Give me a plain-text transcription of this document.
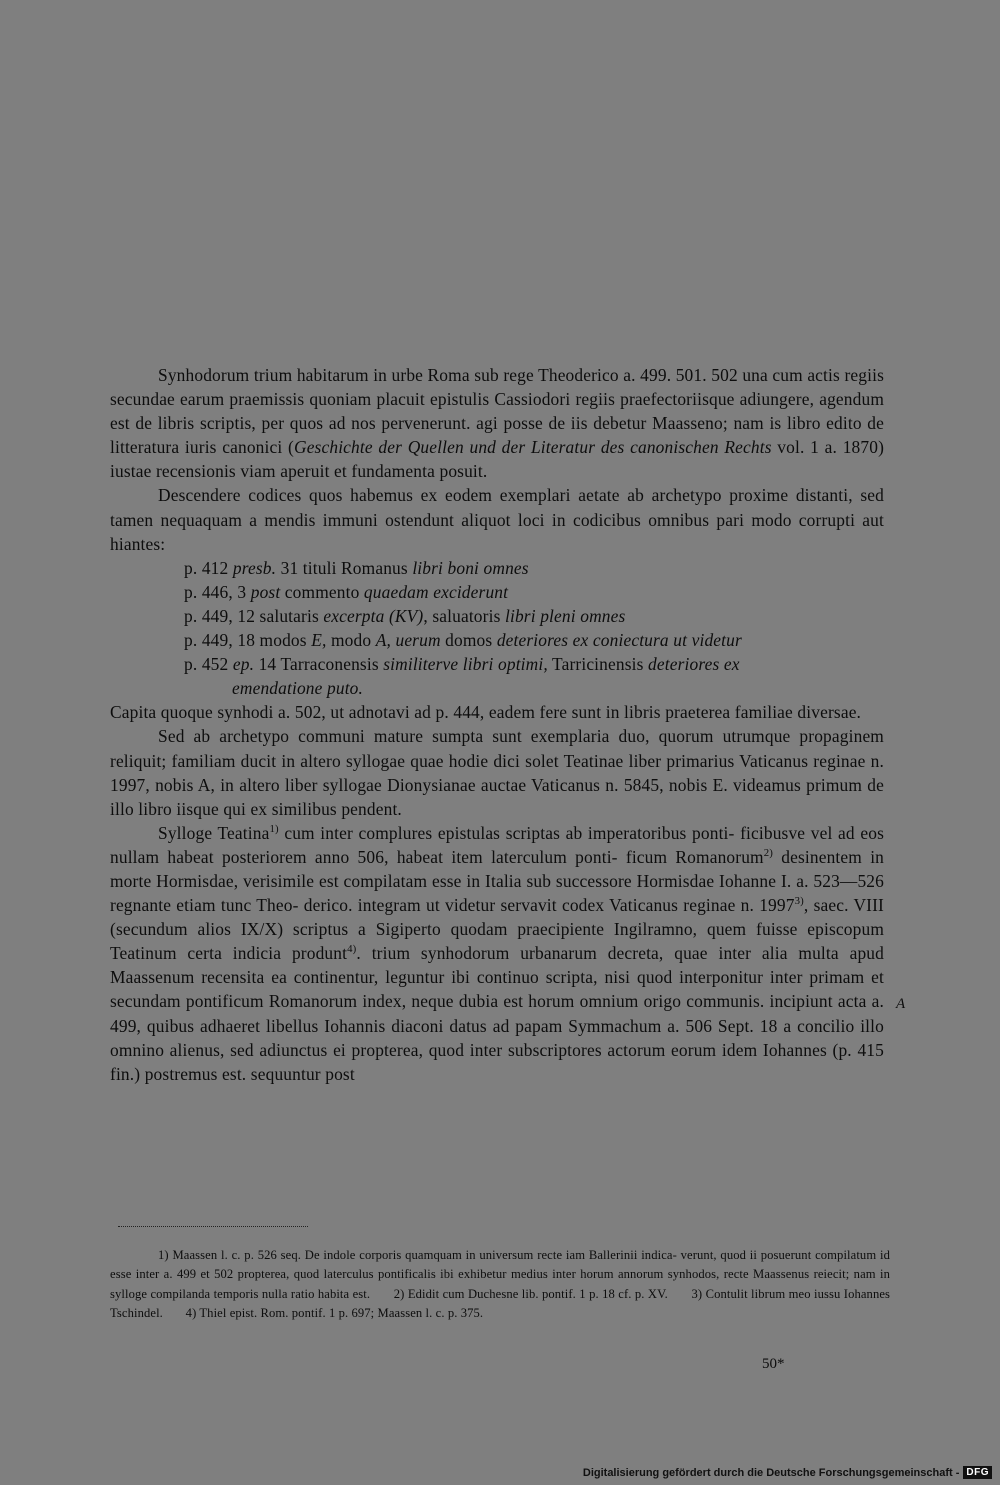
Synhodorum trium habitarum in urbe Roma sub rege Theoderico a. 499. 501. 502 una cum actis regiis secundae earum praemissis quoniam placuit epistulis Cassiodori regiis praefectoriisque adiungere, agendum est de libris scriptis, per quos ad nos pervenerunt. agi posse de iis debetur Maasseno; nam is libro edito de litteratura iuris canonici (Geschichte der Quellen und der Literatur des canonischen Rechts vol. 1 a. 1870) iustae recensionis viam aperuit et fundamenta posuit.

Descendere codices quos habemus ex eodem exemplari aetate ab archetypo proxime distanti, sed tamen nequaquam a mendis immuni ostendunt aliquot loci in codicibus omnibus pari modo corrupti aut hiantes:

p. 412 presb. 31 tituli Romanus libri boni omnes
p. 446, 3 post commento quaedam exciderunt
p. 449, 12 salutaris excerpta (KV), saluatoris libri pleni omnes
p. 449, 18 modos E, modo A, uerum domos deteriores ex coniectura ut videtur
p. 452 ep. 14 Tarraconensis similiterve libri optimi, Tarricinensis deteriores ex
emendatione puto.

Capita quoque synhodi a. 502, ut adnotavi ad p. 444, eadem fere sunt in libris praeterea familiae diversae.

Sed ab archetypo communi mature sumpta sunt exemplaria duo, quorum utrumque propaginem reliquit; familiam ducit in altero syllogae quae hodie dici solet Teatinae liber primarius Vaticanus reginae n. 1997, nobis A, in altero liber syllogae Dionysianae auctae Vaticanus n. 5845, nobis E. videamus primum de illo libro iisque qui ex similibus pendent.

Sylloge Teatina$^{1)}$ cum inter complures epistulas scriptas ab imperatoribus ponti- ficibusve vel ad eos nullam habeat posteriorem anno 506, habeat item laterculum ponti- ficum Romanorum$^{2)}$ desinentem in morte Hormisdae, verisimile est compilatam esse in Italia sub successore Hormisdae Iohanne I. a. 523—526 regnante etiam tunc Theo- derico. integram ut videtur servavit codex Vaticanus reginae n. 1997$^{3)}$, saec. VIII (secundum alios IX/X) scriptus a Sigiperto quodam praecipiente Ingilramno, quem fuisse episcopum Teatinum certa indicia produnt$^{4)}$. trium synhodorum urbanarum decreta, quae inter alia multa apud Maassenum recensita ea continentur, leguntur ibi continuo scripta, nisi quod interponitur inter primam et secundam pontificum Romanorum index, neque dubia est horum omnium origo communis. incipiunt acta a. 499, quibus adhaeret libellus Iohannis diaconi datus ad papam Symmachum a. 506 Sept. 18 a concilio illo omnino alienus, sed adiunctus ei propterea, quod inter subscriptores actorum eorum idem Iohannes (p. 415 fin.) postremus est. sequuntur post

A

1) Maassen l. c. p. 526 seq. De indole corporis quamquam in universum recte iam Ballerinii indica- verunt, quod ii posuerunt compilatum id esse inter a. 499 et 502 propterea, quod laterculus pontificalis ibi exhibetur medius inter horum annorum synhodos, recte Maassenus reiecit; nam in sylloge compilanda temporis nulla ratio habita est.       2) Edidit cum Duchesne lib. pontif. 1 p. 18 cf. p. XV.       3) Contulit librum meo iussu Iohannes Tschindel.       4) Thiel epist. Rom. pontif. 1 p. 697; Maassen l. c. p. 375.

50*
Digitalisierung gefördert durch die Deutsche Forschungsgemeinschaft - DFG
